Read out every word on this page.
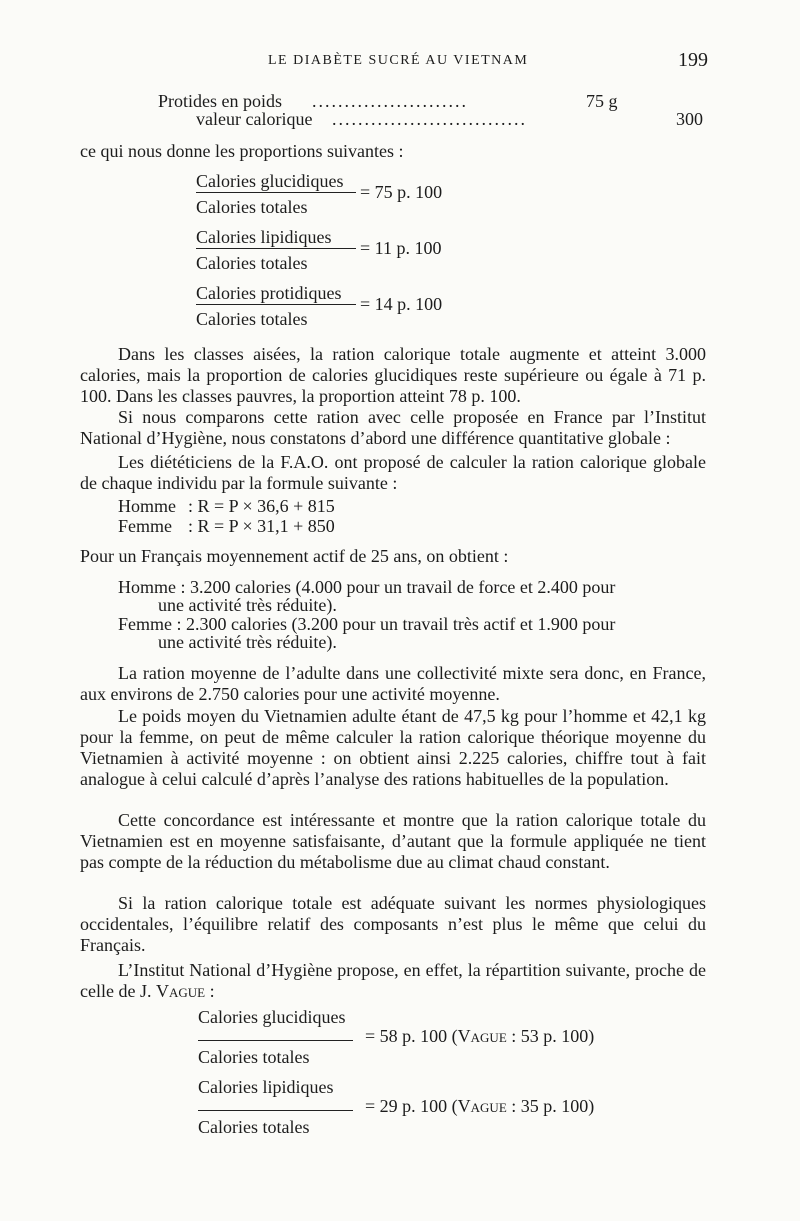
LE DIABÈTE SUCRÉ AU VIETNAM	199
Protides en poids ........................	75 g
valeur calorique ..............................	300
ce qui nous donne les proportions suivantes :
Calories glucidiques
Calories totales
= 75 p. 100
Calories lipidiques
Calories totales
= 11 p. 100
Calories protidiques
Calories totales
= 14 p. 100
Dans les classes aisées, la ration calorique totale augmente et atteint 3.000 calories, mais la proportion de calories glucidiques reste supérieure ou égale à 71 p. 100. Dans les classes pauvres, la proportion atteint 78 p. 100.
Si nous comparons cette ration avec celle proposée en France par l’Institut National d’Hygiène, nous constatons d’abord une différence quantitative globale :
Les diététiciens de la F.A.O. ont proposé de calculer la ration calorique globale de chaque individu par la formule suivante :
Homme : R = P × 36,6 + 815
Femme : R = P × 31,1 + 850
Pour un Français moyennement actif de 25 ans, on obtient :
Homme : 3.200 calories (4.000 pour un travail de force et 2.400 pour
une activité très réduite).
Femme : 2.300 calories (3.200 pour un travail très actif et 1.900 pour
une activité très réduite).
La ration moyenne de l’adulte dans une collectivité mixte sera donc, en France, aux environs de 2.750 calories pour une activité moyenne.
Le poids moyen du Vietnamien adulte étant de 47,5 kg pour l’homme et 42,1 kg pour la femme, on peut de même calculer la ration calorique théorique moyenne du Vietnamien à activité moyenne : on obtient ainsi 2.225 calories, chiffre tout à fait analogue à celui calculé d’après l’analyse des rations habituelles de la population.
Cette concordance est intéressante et montre que la ration calorique totale du Vietnamien est en moyenne satisfaisante, d’autant que la formule appliquée ne tient pas compte de la réduction du métabolisme due au climat chaud constant.
Si la ration calorique totale est adéquate suivant les normes physiologiques occidentales, l’équilibre relatif des composants n’est plus le même que celui du Français.
L’Institut National d’Hygiène propose, en effet, la répartition suivante, proche de celle de J. Vague :
Calories glucidiques
Calories totales
= 58 p. 100 (Vague : 53 p. 100)
Calories lipidiques
Calories totales
= 29 p. 100 (Vague : 35 p. 100)
